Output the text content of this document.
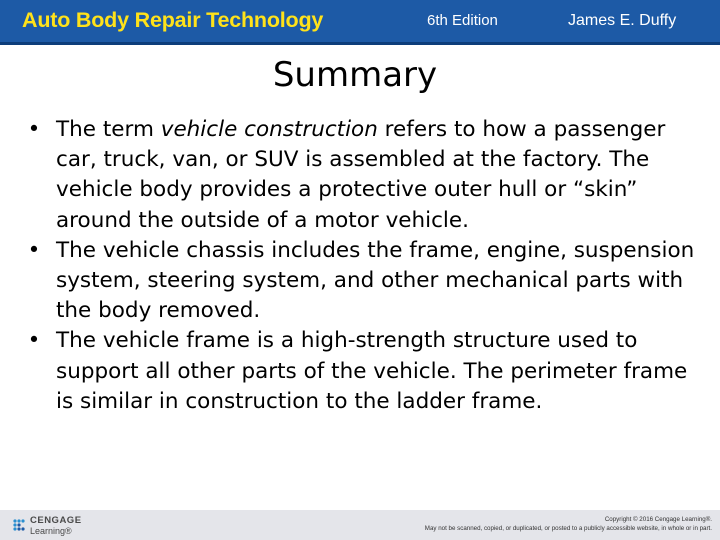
Auto Body Repair Technology	6th Edition	James E. Duffy
Summary
• The term vehicle construction refers to how a passenger car, truck, van, or SUV is assembled at the factory. The vehicle body provides a protective outer hull or “skin” around the outside of a motor vehicle.
• The vehicle chassis includes the frame, engine, suspension system, steering system, and other mechanical parts with the body removed.
• The vehicle frame is a high-strength structure used to support all other parts of the vehicle. The perimeter frame is similar in construction to the ladder frame.
CENGAGE
Learning®
Copyright © 2016 Cengage Learning®.
May not be scanned, copied, or duplicated, or posted to a publicly accessible website, in whole or in part.
